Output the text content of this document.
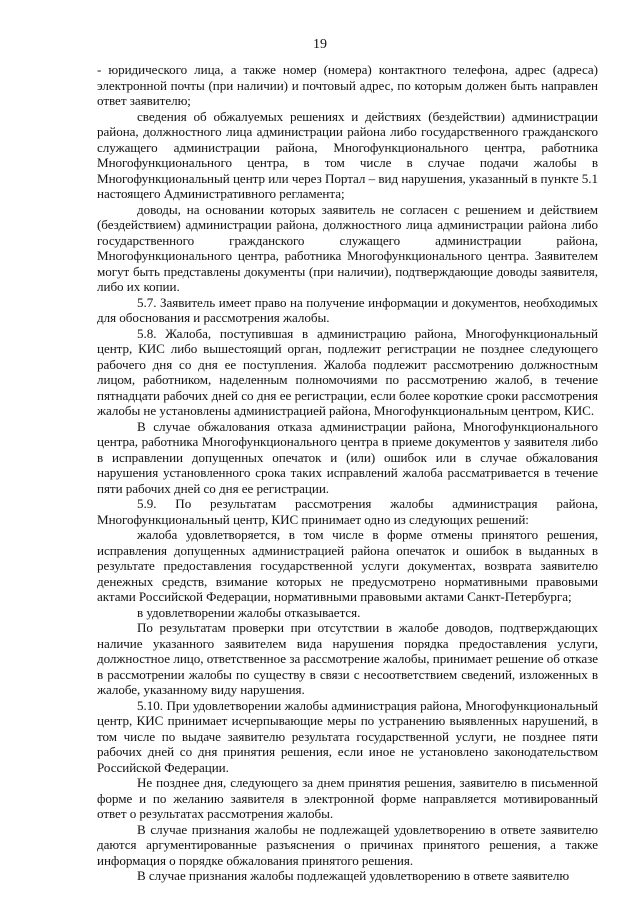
19

- юридического лица, а также номер (номера) контактного телефона, адрес (адреса) электронной почты (при наличии) и почтовый адрес, по которым должен быть направлен ответ заявителю;

сведения об обжалуемых решениях и действиях (бездействии) администрации района, должностного лица администрации района либо государственного гражданского служащего администрации района, Многофункционального центра, работника Многофункционального центра, в том числе в случае подачи жалобы в Многофункциональный центр или через Портал – вид нарушения, указанный в пункте 5.1 настоящего Административного регламента;

доводы, на основании которых заявитель не согласен с решением и действием (бездействием) администрации района, должностного лица администрации района либо государственного гражданского служащего администрации района, Многофункционального центра, работника Многофункционального центра. Заявителем могут быть представлены документы (при наличии), подтверждающие доводы заявителя, либо их копии.

5.7. Заявитель имеет право на получение информации и документов, необходимых для обоснования и рассмотрения жалобы.

5.8. Жалоба, поступившая в администрацию района, Многофункциональный центр, КИС либо вышестоящий орган, подлежит регистрации не позднее следующего рабочего дня со дня ее поступления. Жалоба подлежит рассмотрению должностным лицом, работником, наделенным полномочиями по рассмотрению жалоб, в течение пятнадцати рабочих дней со дня ее регистрации, если более короткие сроки рассмотрения жалобы не установлены администрацией района, Многофункциональным центром, КИС.

В случае обжалования отказа администрации района, Многофункционального центра, работника Многофункционального центра в приеме документов у заявителя либо в исправлении допущенных опечаток и (или) ошибок или в случае обжалования нарушения установленного срока таких исправлений жалоба рассматривается в течение пяти рабочих дней со дня ее регистрации.

5.9. По результатам рассмотрения жалобы администрация района, Многофункциональный центр, КИС принимает одно из следующих решений:

жалоба удовлетворяется, в том числе в форме отмены принятого решения, исправления допущенных администрацией района опечаток и ошибок в выданных в результате предоставления государственной услуги документах, возврата заявителю денежных средств, взимание которых не предусмотрено нормативными правовыми актами Российской Федерации, нормативными правовыми актами Санкт-Петербурга;

в удовлетворении жалобы отказывается.

По результатам проверки при отсутствии в жалобе доводов, подтверждающих наличие указанного заявителем вида нарушения порядка предоставления услуги, должностное лицо, ответственное за рассмотрение жалобы, принимает решение об отказе в рассмотрении жалобы по существу в связи с несоответствием сведений, изложенных в жалобе, указанному виду нарушения.

5.10. При удовлетворении жалобы администрация района, Многофункциональный центр, КИС принимает исчерпывающие меры по устранению выявленных нарушений, в том числе по выдаче заявителю результата государственной услуги, не позднее пяти рабочих дней со дня принятия решения, если иное не установлено законодательством Российской Федерации.

Не позднее дня, следующего за днем принятия решения, заявителю в письменной форме и по желанию заявителя в электронной форме направляется мотивированный ответ о результатах рассмотрения жалобы.

В случае признания жалобы не подлежащей удовлетворению в ответе заявителю даются аргументированные разъяснения о причинах принятого решения, а также информация о порядке обжалования принятого решения.

В случае признания жалобы подлежащей удовлетворению в ответе заявителю
